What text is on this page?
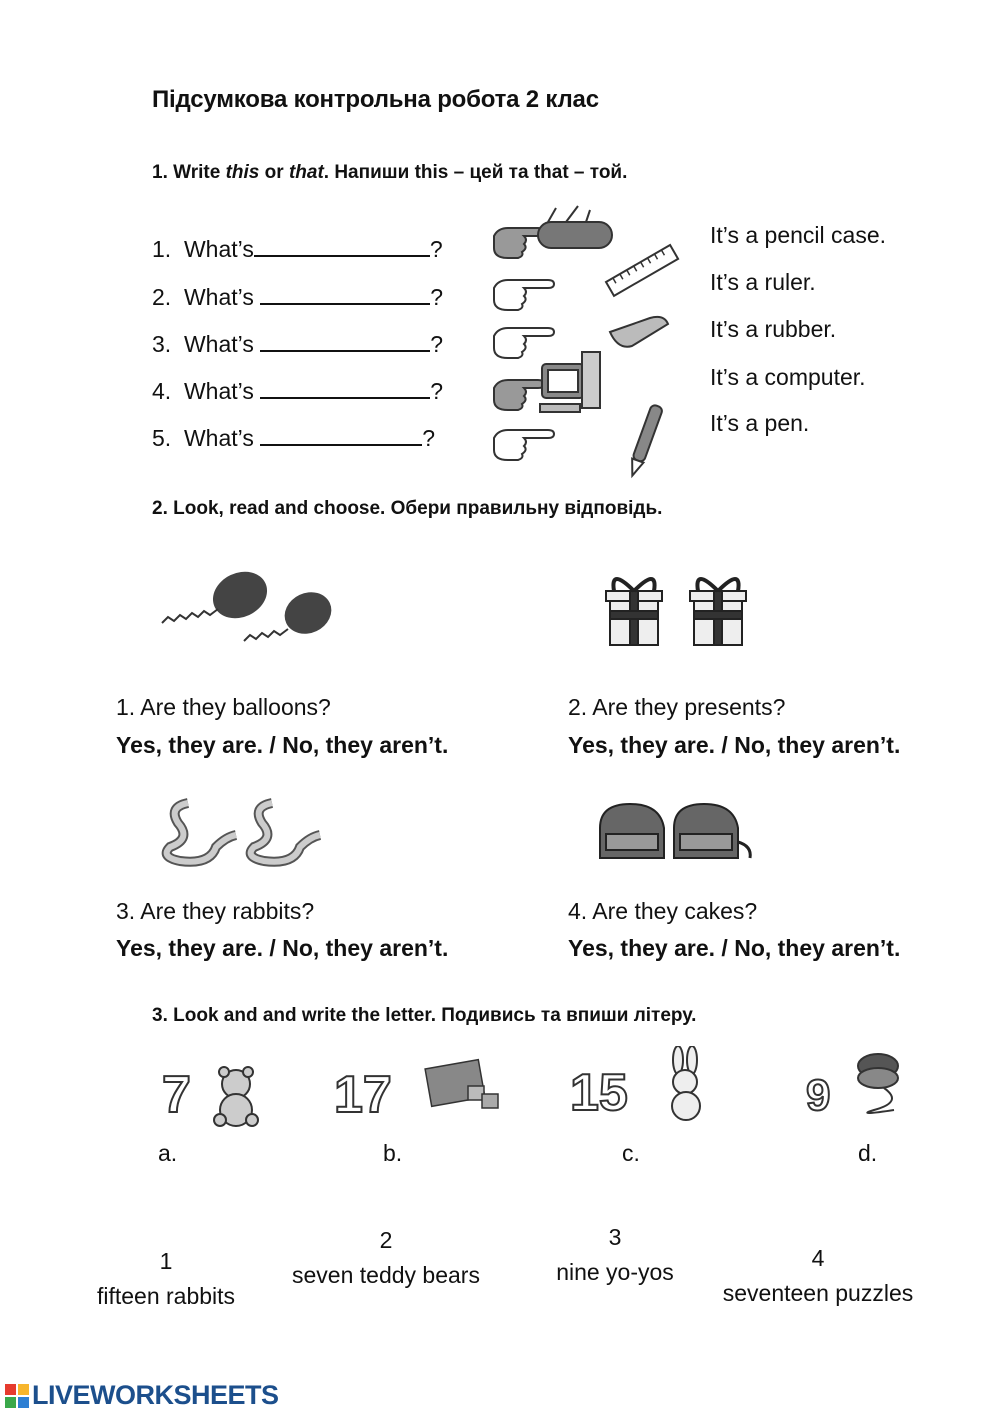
Підсумкова контрольна робота 2 клас
1. Write this or that. Напиши this – цей та that – той.
1. What’s	?
2. What’s	?
3. What’s	?
4. What’s	?
5. What’s	?
It’s a pencil case.
It’s a ruler.
It’s a rubber.
It’s a computer.
It’s a pen.
2. Look, read and choose. Обери правильну відповідь.
1. Are they balloons?
Yes, they are. / No, they aren’t.
2. Are they presents?
Yes, they are. / No, they aren’t.
3. Are they rabbits?
Yes, they are. / No, they aren’t.
4. Are they cakes?
Yes, they are. / No, they aren’t.
3. Look and and write the letter. Подивись та впиши літеру.
7	17	15	9
a.	b.	c.	d.
1
fifteen rabbits
2
seven teddy bears
3
nine yo-yos
4
seventeen puzzles
LIVEWORKSHEETS
